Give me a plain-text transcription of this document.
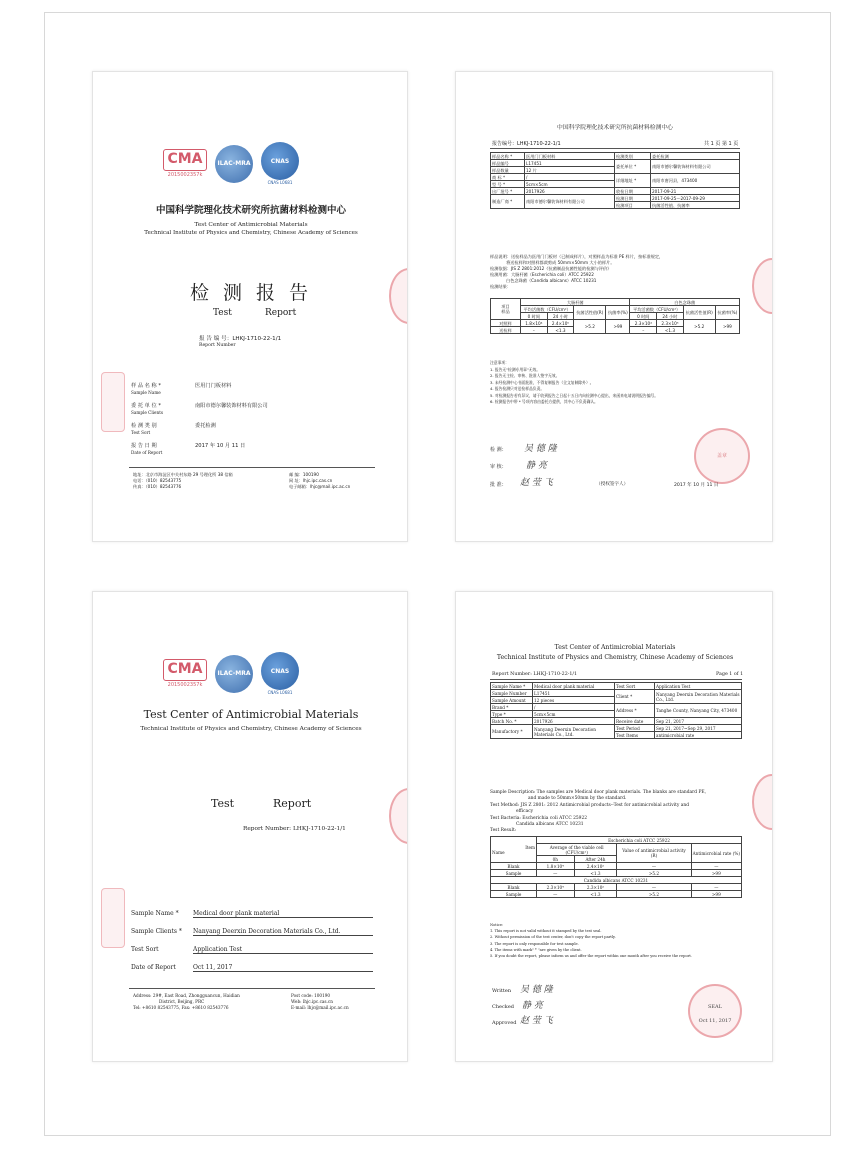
CMA
2015002357k
ILAC-MRA	CNAS
CNAS L0681
中国科学院理化技术研究所抗菌材料检测中心
Test Center of Antimicrobial Materials
Technical Institute of Physics and Chemistry, Chinese Academy of Sciences
检 测 报 告
Test	Report
报 告 编 号：LHKJ-1710-22-1/1
Report Number
样 品 名 称 *
Sample Name
医用门门板材料
委 托 单 位 *
Sample Clients
南阳市德尔馨装饰材料有限公司
检 测 类 别
Test Sort
委托检测
报 告 日 期
Date of Report
2017 年 10 月 11 日
地址：北京市海淀区中关村东路 29 号理化所 38 信箱
电话：（010）82543775
传真：（010）82543776
邮 编：100190
网 址：lhjc.ipc.cas.cn
电子邮箱：lhjc@mail.ipc.ac.cn
中国科学院理化技术研究所抗菌材料检测中心
报告编号：LHKJ-1710-22-1/1	共 1 页 第 1 页
样品名称 *	医用门门板材料	检测类别	委托检测
样品编号	L17451	委托单位 *	南阳市德尔馨装饰材料有限公司
样品数量	12 片		
商 标 *	/	详细地址 *	南阳市唐河县，473400
型 号 *	5cm×5cm		
出厂批号 *	2017926	收检日期	2017-09-21
制造厂商 *	南阳市德尔馨装饰材料有限公司	检测日期	2017-09-25～2017-09-29
		检测项目	抗菌活性值、抗菌率
样品说明：送检样品为医用门门板材（已制成样片），对照样品为标准 PE 样片，按标准规定，
将送检样和对照样都裁剪成 50mm×50mm 大小的样片。
检测依据：JIS Z 2801:2012《抗菌制品抗菌性能的检测与评价》
检测用菌：大肠杆菌（Escherichia coli）ATCC 25922
白色念珠菌（Candida albicans）ATCC 10231
检测结果：
项目
样品	大肠杆菌				白色念珠菌			
	平均活菌数（CFU/cm²）		抗菌活性值(R)	抗菌率(%)	平均活菌数（CFU/cm²）		抗菌活性值(R)	抗菌率(%)
	0 时间	24 小时			0 时间	24 小时		
对照样	1.8×10⁴	2.4×10⁵	>5.2	>99	2.3×10⁴	2.3×10⁵	>5.2	>99
送检样	–	<1.3			–	<1.3		
注意事项：
1. 报告无"检测专用章"无效。
2. 报告无主检、审核、批准人签字无效。
3. 未经检测中心书面批准，不得复制报告（全文复制除外）。
4. 报告检测只对送检样品负责。
5. 对检测报告若有异议，请于收到报告之日起十五日内向检测中心提出，来函来电请说明报告编号。
6. 检测报告中带 * 号项内容由委托方提供，其中心不负责确认。
检 测： 吴 德 隆
审 核： 静 亮
批 准： 赵 莹 飞	（授权签字人）
盖章
2017 年 10 月 11 日
CMA
2015002357k
ILAC-MRA	CNAS
CNAS L0681
Test Center of Antimicrobial Materials
Technical Institute of Physics and Chemistry, Chinese Academy of Sciences
Test	Report
Report Number: LHKJ-1710-22-1/1
Sample Name * Medical door plank material
Sample Clients * Nanyang Deerxin Decoration Materials Co., Ltd.
Test Sort	Application Test
Date of Report	Oct 11, 2017
Address: 29#, East Road, Zhongguancun, Haidian
District, Beijing, PRC
Tel: +8610 82543775, Fax: +8610 82543776
Post code: 100190
Web: lhjc.ipc.cas.cn
E-mail: lhjc@mail.ipc.ac.cn
Test Center of Antimicrobial Materials
Technical Institute of Physics and Chemistry, Chinese Academy of Sciences
Report Number: LHKJ-1710-22-1/1	Page 1 of 1
Sample Name *	Medical door plank material	Test Sort	Application Test
Sample Number	L17451	Client *	Nanyang Deerxin Decoration Materials Co., Ltd.
Sample Amount	12 pieces		
Brand *	/	Address *	Tanghe County, Nanyang City, 473400
Type *	5cm×5cm		
Batch No. *	2017926	Receive date	Sep 21, 2017
Manufactory *	Nanyang Deerxin Decoration Materials Co., Ltd.	Test Period	Sep 21, 2017~Sep 29, 2017
		Test Items	antimicrobial rate
Sample Description: The samples are Medical door plank materials. The blanks are standard PE,
and made to 50mm×50mm by the standard.
Test Method: JIS Z 2801: 2012 Antimicrobial products--Test for antimicrobial activity and
efficacy
Test Bacteria: Escherichia coli ATCC 25922
Candida albicans ATCC 10231
Test Result:
Item
Name	Escherichia coli ATCC 25922			
	Average of the viable cell (CFU/cm²)		Value of antimicrobial activity (R)	Antimicrobial rate (%)
	0h	After 24h		
Blank	1.8×10⁴	2.4×10⁵	—	—
Sample	—	<1.3	>5.2	>99
Candida albicans ATCC 10231				
Blank	2.3×10⁴	2.3×10⁵	—	—
Sample	—	<1.3	>5.2	>99
Notice:
1. This report is not valid without it stamped by the test seal.
2. Without permission of the test center, don't copy the report partly.
3. The report is only responsible for test sample.
4. The items with mark" * "are given by the client.
5. If you doubt the report, please inform us and offer the report within one month after you receive the report.
Written 吴 德 隆
Checked 静 亮
Approved 赵 莹 飞
SEAL
Oct 11, 2017
